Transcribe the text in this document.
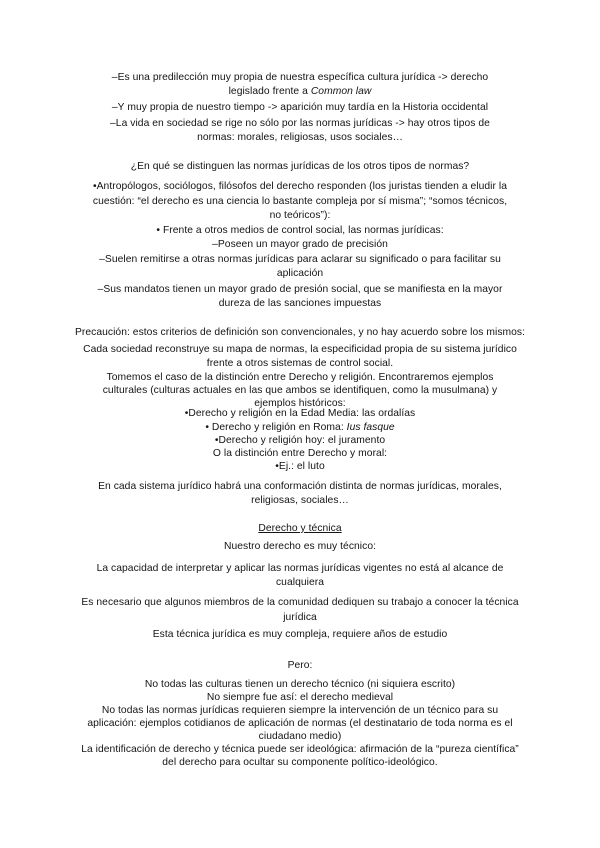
–Es una predilección muy propia de nuestra específica cultura jurídica -> derecho
legislado frente a Common law
–Y muy propia de nuestro tiempo -> aparición muy tardía en la Historia occidental
–La vida en sociedad se rige no sólo por las normas jurídicas -> hay otros tipos de
normas: morales, religiosas, usos sociales…
¿En qué se distinguen las normas jurídicas de los otros tipos de normas?
•Antropólogos, sociólogos, filósofos del derecho responden (los juristas tienden a eludir la
cuestión: “el derecho es una ciencia lo bastante compleja por sí misma”; “somos técnicos,
no teóricos”):
• Frente a otros medios de control social, las normas jurídicas:
–Poseen un mayor grado de precisión
–Suelen remitirse a otras normas jurídicas para aclarar su significado o para facilitar su
aplicación
–Sus mandatos tienen un mayor grado de presión social, que se manifiesta en la mayor
dureza de las sanciones impuestas
Precaución: estos criterios de definición son convencionales, y no hay acuerdo sobre los mismos:
Cada sociedad reconstruye su mapa de normas, la especificidad propia de su sistema jurídico
frente a otros sistemas de control social.
Tomemos el caso de la distinción entre Derecho y religión. Encontraremos ejemplos
culturales (culturas actuales en las que ambos se identifiquen, como la musulmana) y
ejemplos históricos:
•Derecho y religión en la Edad Media: las ordalías
• Derecho y religión en Roma: Ius fasque
•Derecho y religión hoy: el juramento
O la distinción entre Derecho y moral:
•Ej.: el luto
En cada sistema jurídico habrá una conformación distinta de normas jurídicas, morales,
religiosas, sociales…
Derecho y técnica
Nuestro derecho es muy técnico:
La capacidad de interpretar y aplicar las normas jurídicas vigentes no está al alcance de
cualquiera
Es necesario que algunos miembros de la comunidad dediquen su trabajo a conocer la técnica
jurídica
Esta técnica jurídica es muy compleja, requiere años de estudio
Pero:
No todas las culturas tienen un derecho técnico (ni siquiera escrito)
No siempre fue así: el derecho medieval
No todas las normas jurídicas requieren siempre la intervención de un técnico para su
aplicación: ejemplos cotidianos de aplicación de normas (el destinatario de toda norma es el
ciudadano medio)
La identificación de derecho y técnica puede ser ideológica: afirmación de la “pureza científica”
del derecho para ocultar su componente político-ideológico.
